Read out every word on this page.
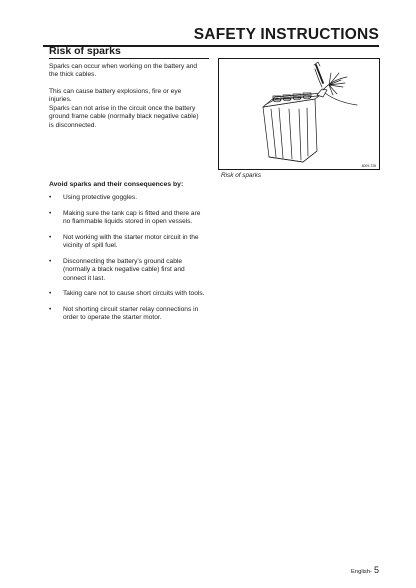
SAFETY INSTRUCTIONS
Risk of sparks

Sparks can occur when working on the battery and the thick cables.

This can cause battery explosions, fire or eye injuries.

Sparks can not arise in the circuit once the battery ground frame cable (normally black negative cable) is disconnected.

8009-728
Risk of sparks
Avoid sparks and their consequences by:
• Using protective goggles.
• Making sure the tank cap is fitted and there are no flammable liquids stored in open vessels.
• Not working with the starter motor circuit in the vicinity of spill fuel.
• Disconnecting the battery’s ground cable (normally a black negative cable) first and connect it last.
• Taking care not to cause short circuits with tools.
• Not shorting circuit starter relay connections in order to operate the starter motor.
English- 5
